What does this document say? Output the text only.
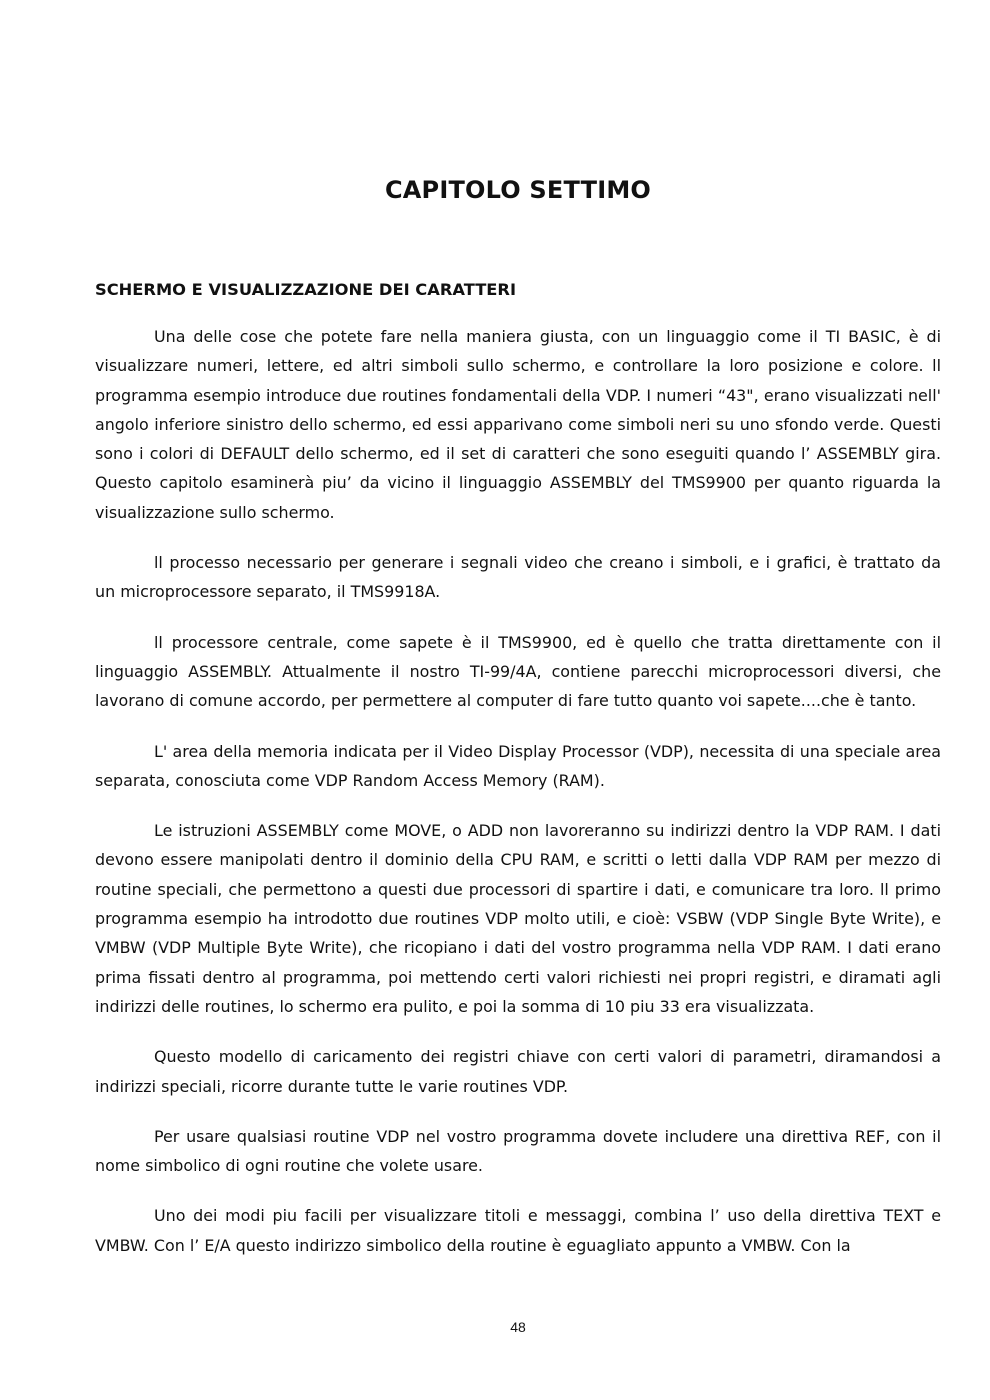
CAPITOLO SETTIMO
SCHERMO E VISUALIZZAZIONE DEI CARATTERI

Una delle cose che potete fare nella maniera giusta, con un linguaggio come il TI BASIC, è di visualizzare numeri, lettere, ed altri simboli sullo schermo, e controllare la loro posizione e colore. ll programma esempio introduce due routines fondamentali della VDP. I numeri “43", erano visualizzati nell' angolo inferiore sinistro dello schermo, ed essi apparivano come simboli neri su uno sfondo verde. Questi sono i colori di DEFAULT dello schermo, ed il set di caratteri che sono eseguiti quando l’ ASSEMBLY gira. Questo capitolo esaminerà piu’ da vicino il linguaggio ASSEMBLY del TMS9900 per quanto riguarda la visualizzazione sullo schermo.

ll processo necessario per generare i segnali video che creano i simboli, e i grafici, è trattato da un microprocessore separato, il TMS9918A.

ll processore centrale, come sapete è il TMS9900, ed è quello che tratta direttamente con il linguaggio ASSEMBLY. Attualmente il nostro TI-99/4A, contiene parecchi microprocessori diversi, che lavorano di comune accordo, per permettere al computer di fare tutto quanto voi sapete....che è tanto.

L' area della memoria indicata per il Video Display Processor (VDP), necessita di una speciale area separata, conosciuta come VDP Random Access Memory (RAM).

Le istruzioni ASSEMBLY come MOVE, o ADD non lavoreranno su indirizzi dentro la VDP RAM. I dati devono essere manipolati dentro il dominio della CPU RAM, e scritti o letti dalla VDP RAM per mezzo di routine speciali, che permettono a questi due processori di spartire i dati, e comunicare tra loro. ll primo programma esempio ha introdotto due routines VDP molto utili, e cioè: VSBW (VDP Single Byte Write), e VMBW (VDP Multiple Byte Write), che ricopiano i dati del vostro programma nella VDP RAM. I dati erano prima fissati dentro al programma, poi mettendo certi valori richiesti nei propri registri, e diramati agli indirizzi delle routines, lo schermo era pulito, e poi la somma di 10 piu 33 era visualizzata.

Questo modello di caricamento dei registri chiave con certi valori di parametri, diramandosi a indirizzi speciali, ricorre durante tutte le varie routines VDP.

Per usare qualsiasi routine VDP nel vostro programma dovete includere una direttiva REF, con il nome simbolico di ogni routine che volete usare.

Uno dei modi piu facili per visualizzare titoli e messaggi, combina l’ uso della direttiva TEXT e VMBW. Con l’ E/A questo indirizzo simbolico della routine è eguagliato appunto a VMBW. Con la

48
